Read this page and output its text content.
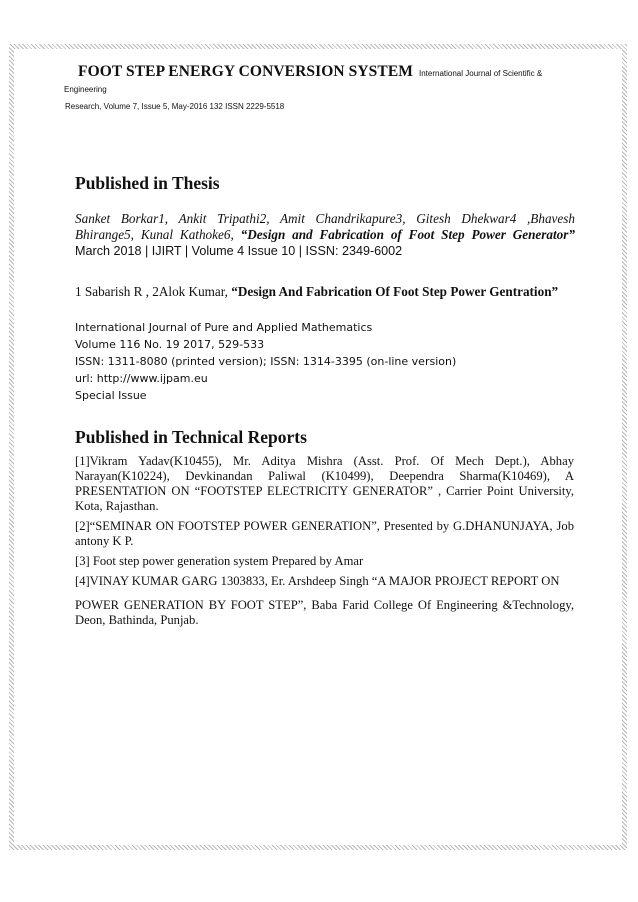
FOOT STEP ENERGY CONVERSION SYSTEM International Journal of Scientific & Engineering
Research, Volume 7, Issue 5, May-2016 132 ISSN 2229-5518
Published in Thesis
Sanket Borkar1, Ankit Tripathi2, Amit Chandrikapure3, Gitesh Dhekwar4 ,Bhavesh Bhirange5, Kunal Kathoke6, “Design and Fabrication of Foot Step Power Generator” March 2018 | IJIRT | Volume 4 Issue 10 | ISSN: 2349-6002
1 Sabarish R , 2Alok Kumar, “Design And Fabrication Of Foot Step Power Gentration”
International Journal of Pure and Applied Mathematics
Volume 116 No. 19 2017, 529-533
ISSN: 1311-8080 (printed version); ISSN: 1314-3395 (on-line version)
url: http://www.ijpam.eu
Special Issue
Published in Technical Reports

[1]Vikram Yadav(K10455), Mr. Aditya Mishra (Asst. Prof. Of Mech Dept.), Abhay Narayan(K10224), Devkinandan Paliwal (K10499), Deependra Sharma(K10469), A PRESENTATION ON “FOOTSTEP ELECTRICITY GENERATOR” , Carrier Point University, Kota, Rajasthan.

[2]“SEMINAR ON FOOTSTEP POWER GENERATION”, Presented by G.DHANUNJAYA, Job antony K P.

[3] Foot step power generation system Prepared by Amar

[4]VINAY KUMAR GARG 1303833, Er. Arshdeep Singh “A MAJOR PROJECT REPORT ON

POWER GENERATION BY FOOT STEP”, Baba Farid College Of Engineering &Technology, Deon, Bathinda, Punjab.
